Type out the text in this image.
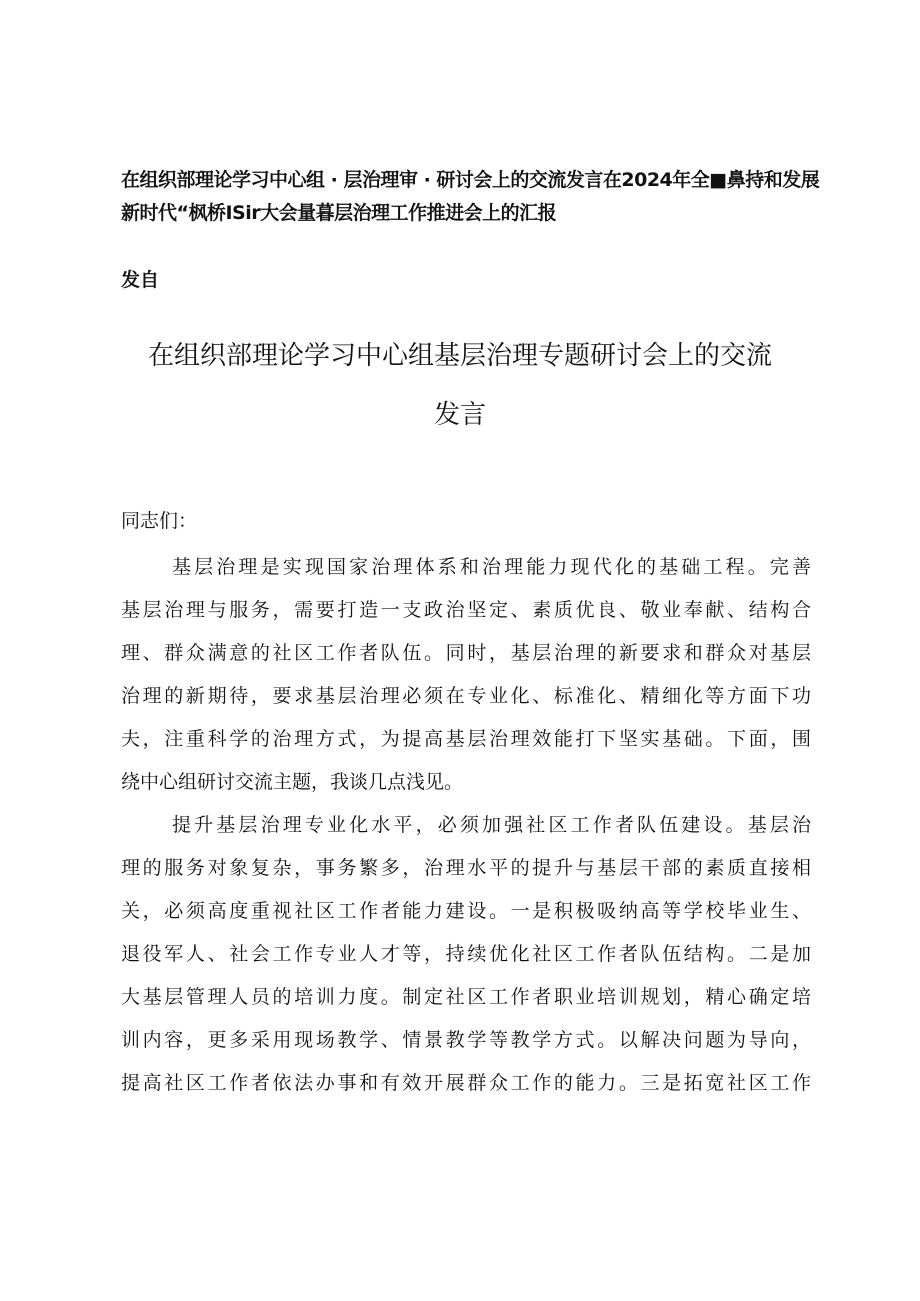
在组织部理论学习中心组 · 层治理审 · 研讨会上的交流发言在2024年全■鼻持和发展
新时代“枫桥ISir大会量暮层治理工作推进会上的汇报
发自
在组织部理论学习中心组基层治理专题研讨会上的交流
发言
同志们：
基层治理是实现国家治理体系和治理能力现代化的基础工程。完善
基层治理与服务，需要打造一支政治坚定、素质优良、敬业奉献、结构合
理、群众满意的社区工作者队伍。同时，基层治理的新要求和群众对基层
治理的新期待，要求基层治理必须在专业化、标准化、精细化等方面下功
夫，注重科学的治理方式，为提高基层治理效能打下坚实基础。下面，围
绕中心组研讨交流主题，我谈几点浅见。
提升基层治理专业化水平，必须加强社区工作者队伍建设。基层治
理的服务对象复杂，事务繁多，治理水平的提升与基层干部的素质直接相
关，必须高度重视社区工作者能力建设。一是积极吸纳高等学校毕业生、
退役军人、社会工作专业人才等，持续优化社区工作者队伍结构。二是加
大基层管理人员的培训力度。制定社区工作者职业培训规划，精心确定培
训内容，更多采用现场教学、情景教学等教学方式。以解决问题为导向，
提高社区工作者依法办事和有效开展群众工作的能力。三是拓宽社区工作
